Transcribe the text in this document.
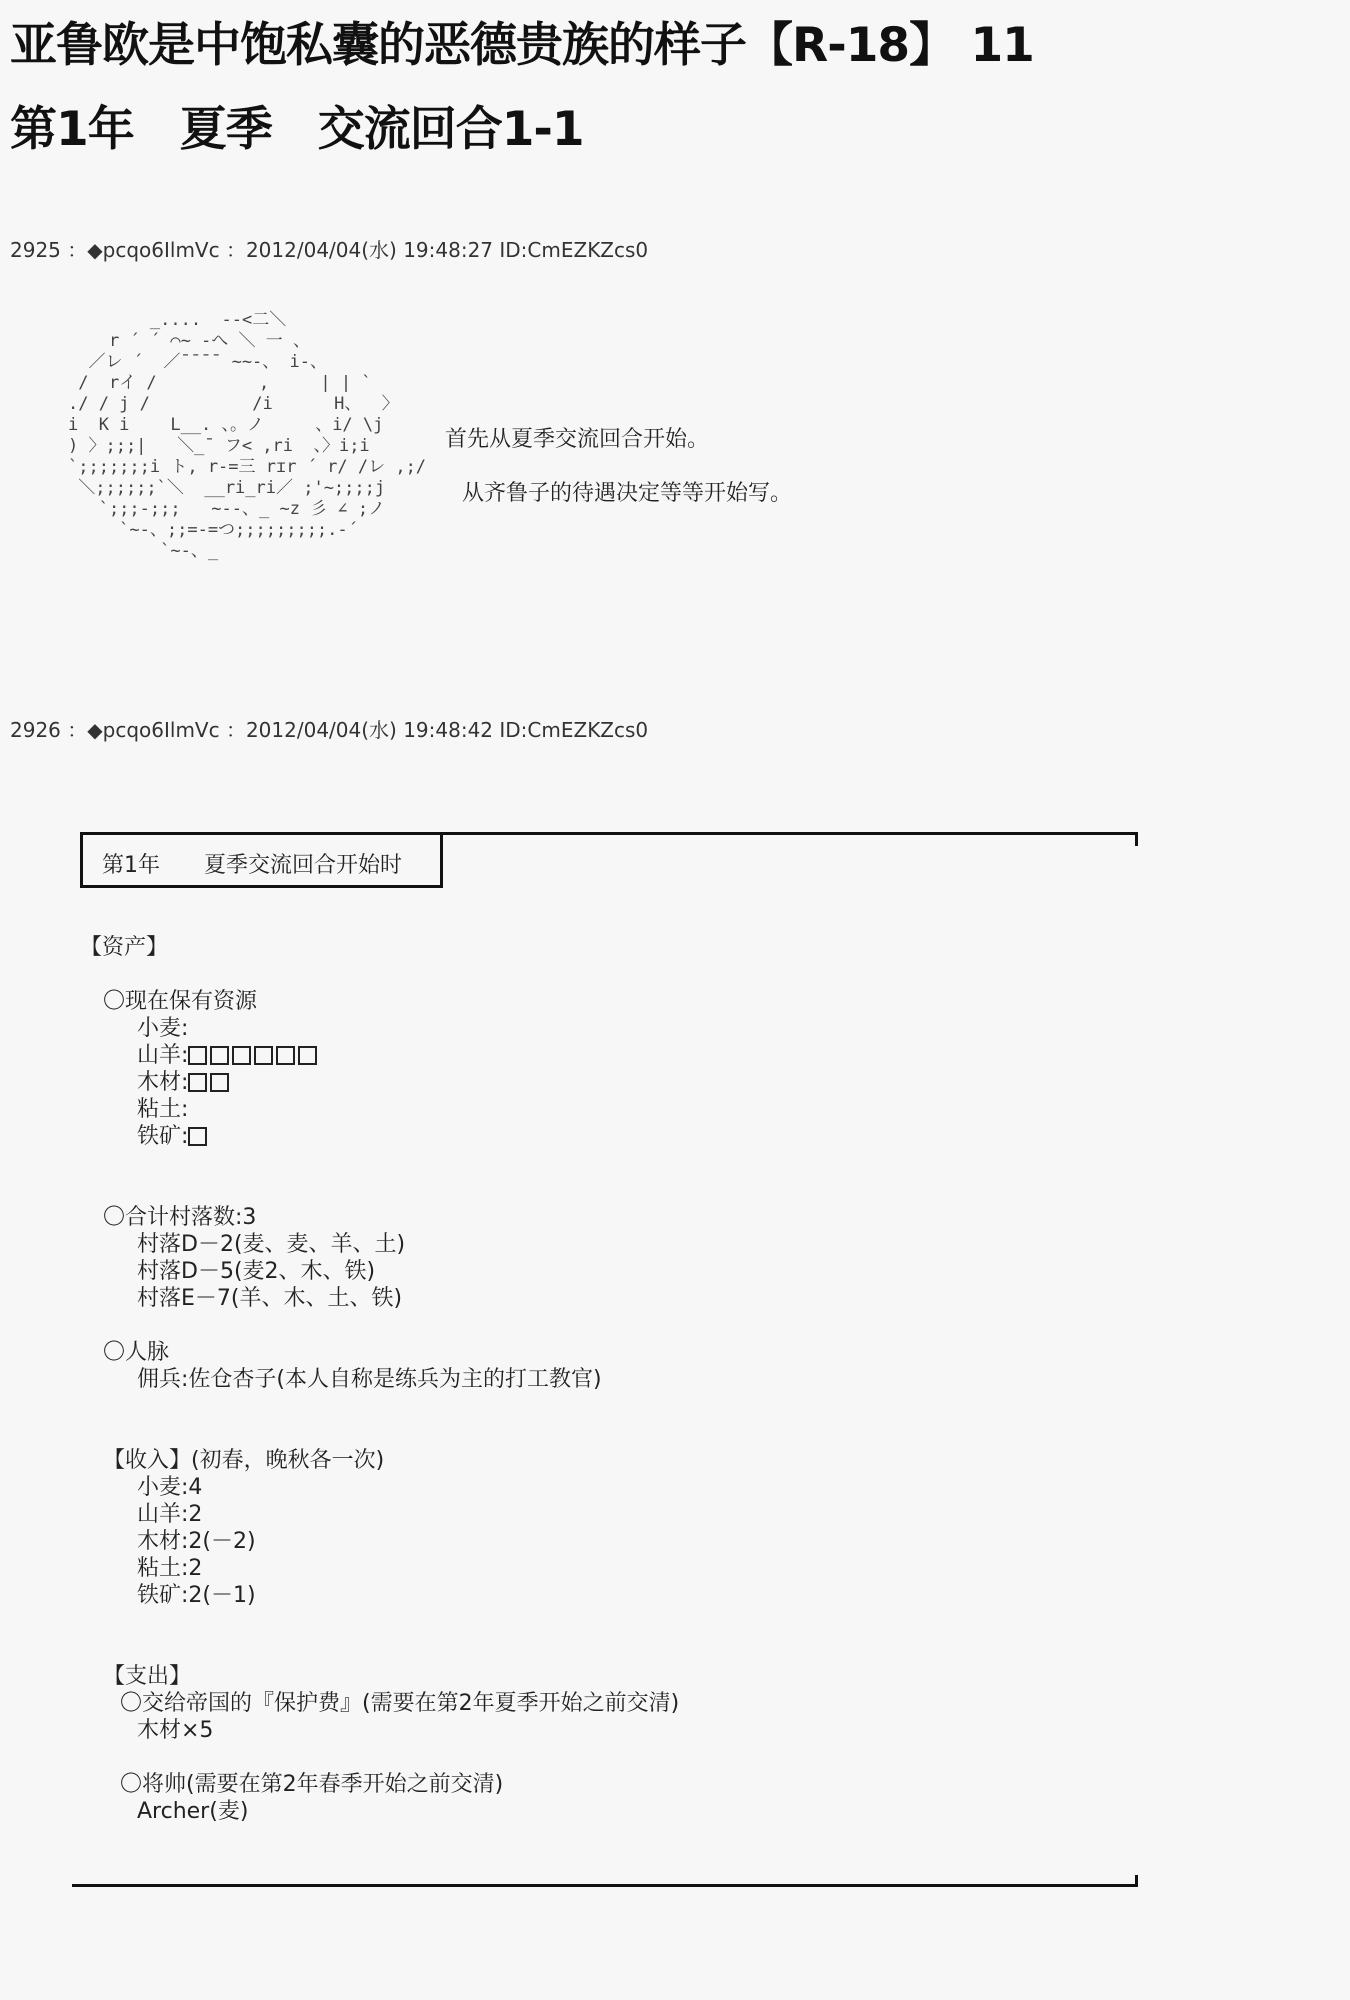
亚鲁欧是中饱私囊的恶德贵族的样子【R-18】 11
第1年　夏季　交流回合1-1
2925 ：◆pcqo6IlmVc ：2012/04/04(水) 19:48:27 ID:CmEZKZcs0
_....  --<二＼
r ´ ´ ⌒~ -へ ＼ 一 、
／レ ´  ／¯¯¯¯ ~~-、 i-、
/  rイ /          ,     | | `
./ / j /          /i      H、  〉
i  K i    L__. 、。ノ     、i/ \j
) 〉;;;|   ＼_¯ フ< ,ri  、〉i;i
`;;;;;;;i ト, r-=三 rɪr ´ r/ /レ ,;/
＼;;;;;;`＼  __ri_ri／ ;'~;;;;j
`;;;-;;;   ~--、_ ~z 彡 ∠ ;ノ
`~-、;;=-=つ;;;;;;;;;.-´
`~-、_
首先从夏季交流回合开始。
从齐鲁子的待遇决定等等开始写。
2926 ：◆pcqo6IlmVc ：2012/04/04(水) 19:48:42 ID:CmEZKZcs0
第1年　　夏季交流回合开始时
【资产】
〇现在保有资源
小麦:
山羊:
木材:
粘土:
铁矿:
〇合计村落数:3
村落D－2(麦、麦、羊、土)
村落D－5(麦2、木、铁)
村落E－7(羊、木、土、铁)
〇人脉
佣兵:佐仓杏子(本人自称是练兵为主的打工教官)
【收入】(初春，晚秋各一次)
小麦:4
山羊:2
木材:2(－2)
粘土:2
铁矿:2(－1)
【支出】
〇交给帝国的『保护费』(需要在第2年夏季开始之前交清)
木材×5
〇将帅(需要在第2年春季开始之前交清)
Archer(麦)
